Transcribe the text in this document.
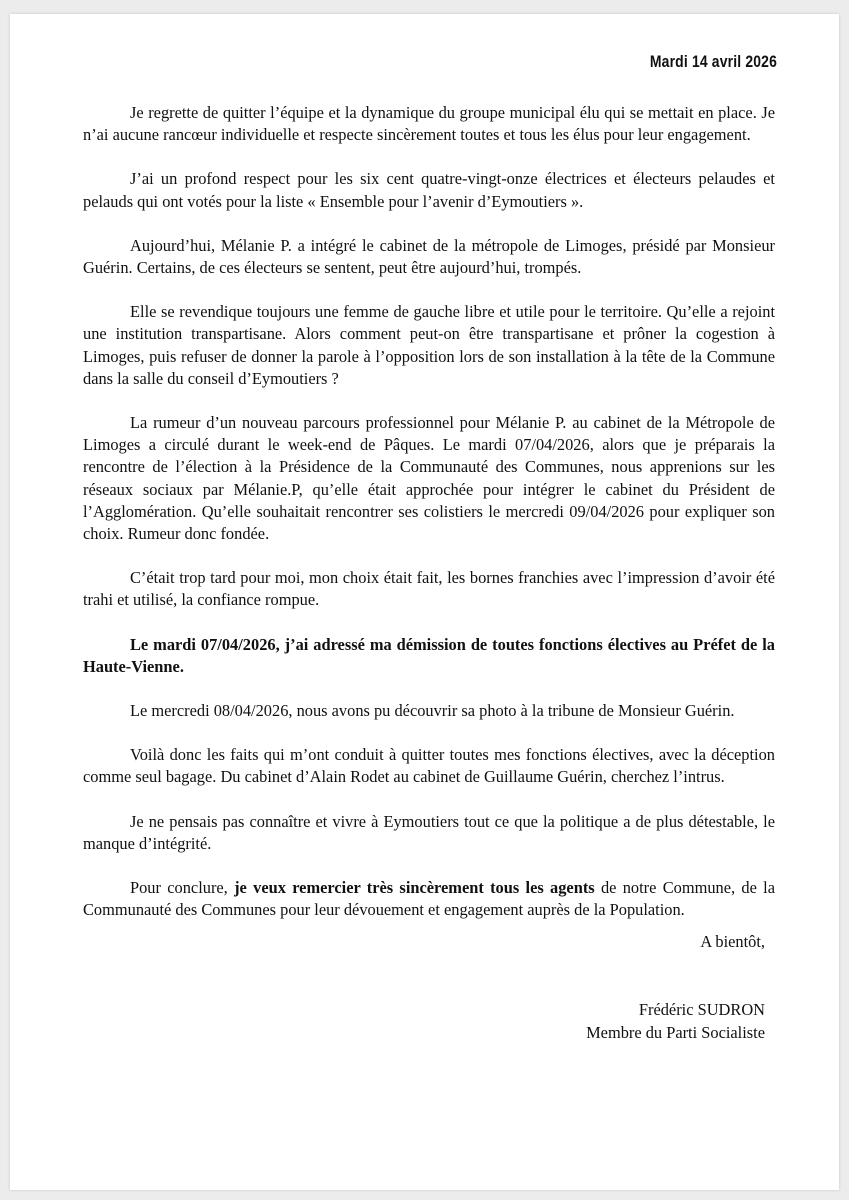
Mardi 14 avril 2026

Je regrette de quitter l’équipe et la dynamique du groupe municipal élu qui se mettait en place. Je n’ai aucune rancœur individuelle et respecte sincèrement toutes et tous les élus pour leur engagement.

J’ai un profond respect pour les six cent quatre-vingt-onze électrices et électeurs pelaudes et pelauds qui ont votés pour la liste « Ensemble pour l’avenir d’Eymoutiers ».

Aujourd’hui, Mélanie P. a intégré le cabinet de la métropole de Limoges, présidé par Monsieur Guérin. Certains, de ces électeurs se sentent, peut être aujourd’hui, trompés.

Elle se revendique toujours une femme de gauche libre et utile pour le territoire. Qu’elle a rejoint une institution transpartisane. Alors comment peut-on être transpartisane et prôner la cogestion à Limoges, puis refuser de donner la parole à l’opposition lors de son installation à la tête de la Commune dans la salle du conseil d’Eymoutiers ?

La rumeur d’un nouveau parcours professionnel pour Mélanie P. au cabinet de la Métropole de Limoges a circulé durant le week-end de Pâques. Le mardi 07/04/2026, alors que je préparais la rencontre de l’élection à la Présidence de la Communauté des Communes, nous apprenions sur les réseaux sociaux par Mélanie.P, qu’elle était approchée pour intégrer le cabinet du Président de l’Agglomération. Qu’elle souhaitait rencontrer ses colistiers le mercredi 09/04/2026 pour expliquer son choix. Rumeur donc fondée.

C’était trop tard pour moi, mon choix était fait, les bornes franchies avec l’impression d’avoir été trahi et utilisé, la confiance rompue.

Le mardi 07/04/2026, j’ai adressé ma démission de toutes fonctions électives au Préfet de la Haute-Vienne.

Le mercredi 08/04/2026, nous avons pu découvrir sa photo à la tribune de Monsieur Guérin.

Voilà donc les faits qui m’ont conduit à quitter toutes mes fonctions électives, avec la déception comme seul bagage. Du cabinet d’Alain Rodet au cabinet de Guillaume Guérin, cherchez l’intrus.

Je ne pensais pas connaître et vivre à Eymoutiers tout ce que la politique a de plus détestable, le manque d’intégrité.

Pour conclure, je veux remercier très sincèrement tous les agents de notre Commune, de la Communauté des Communes pour leur dévouement et engagement auprès de la Population.

A bientôt,
Frédéric SUDRON
Membre du Parti Socialiste
